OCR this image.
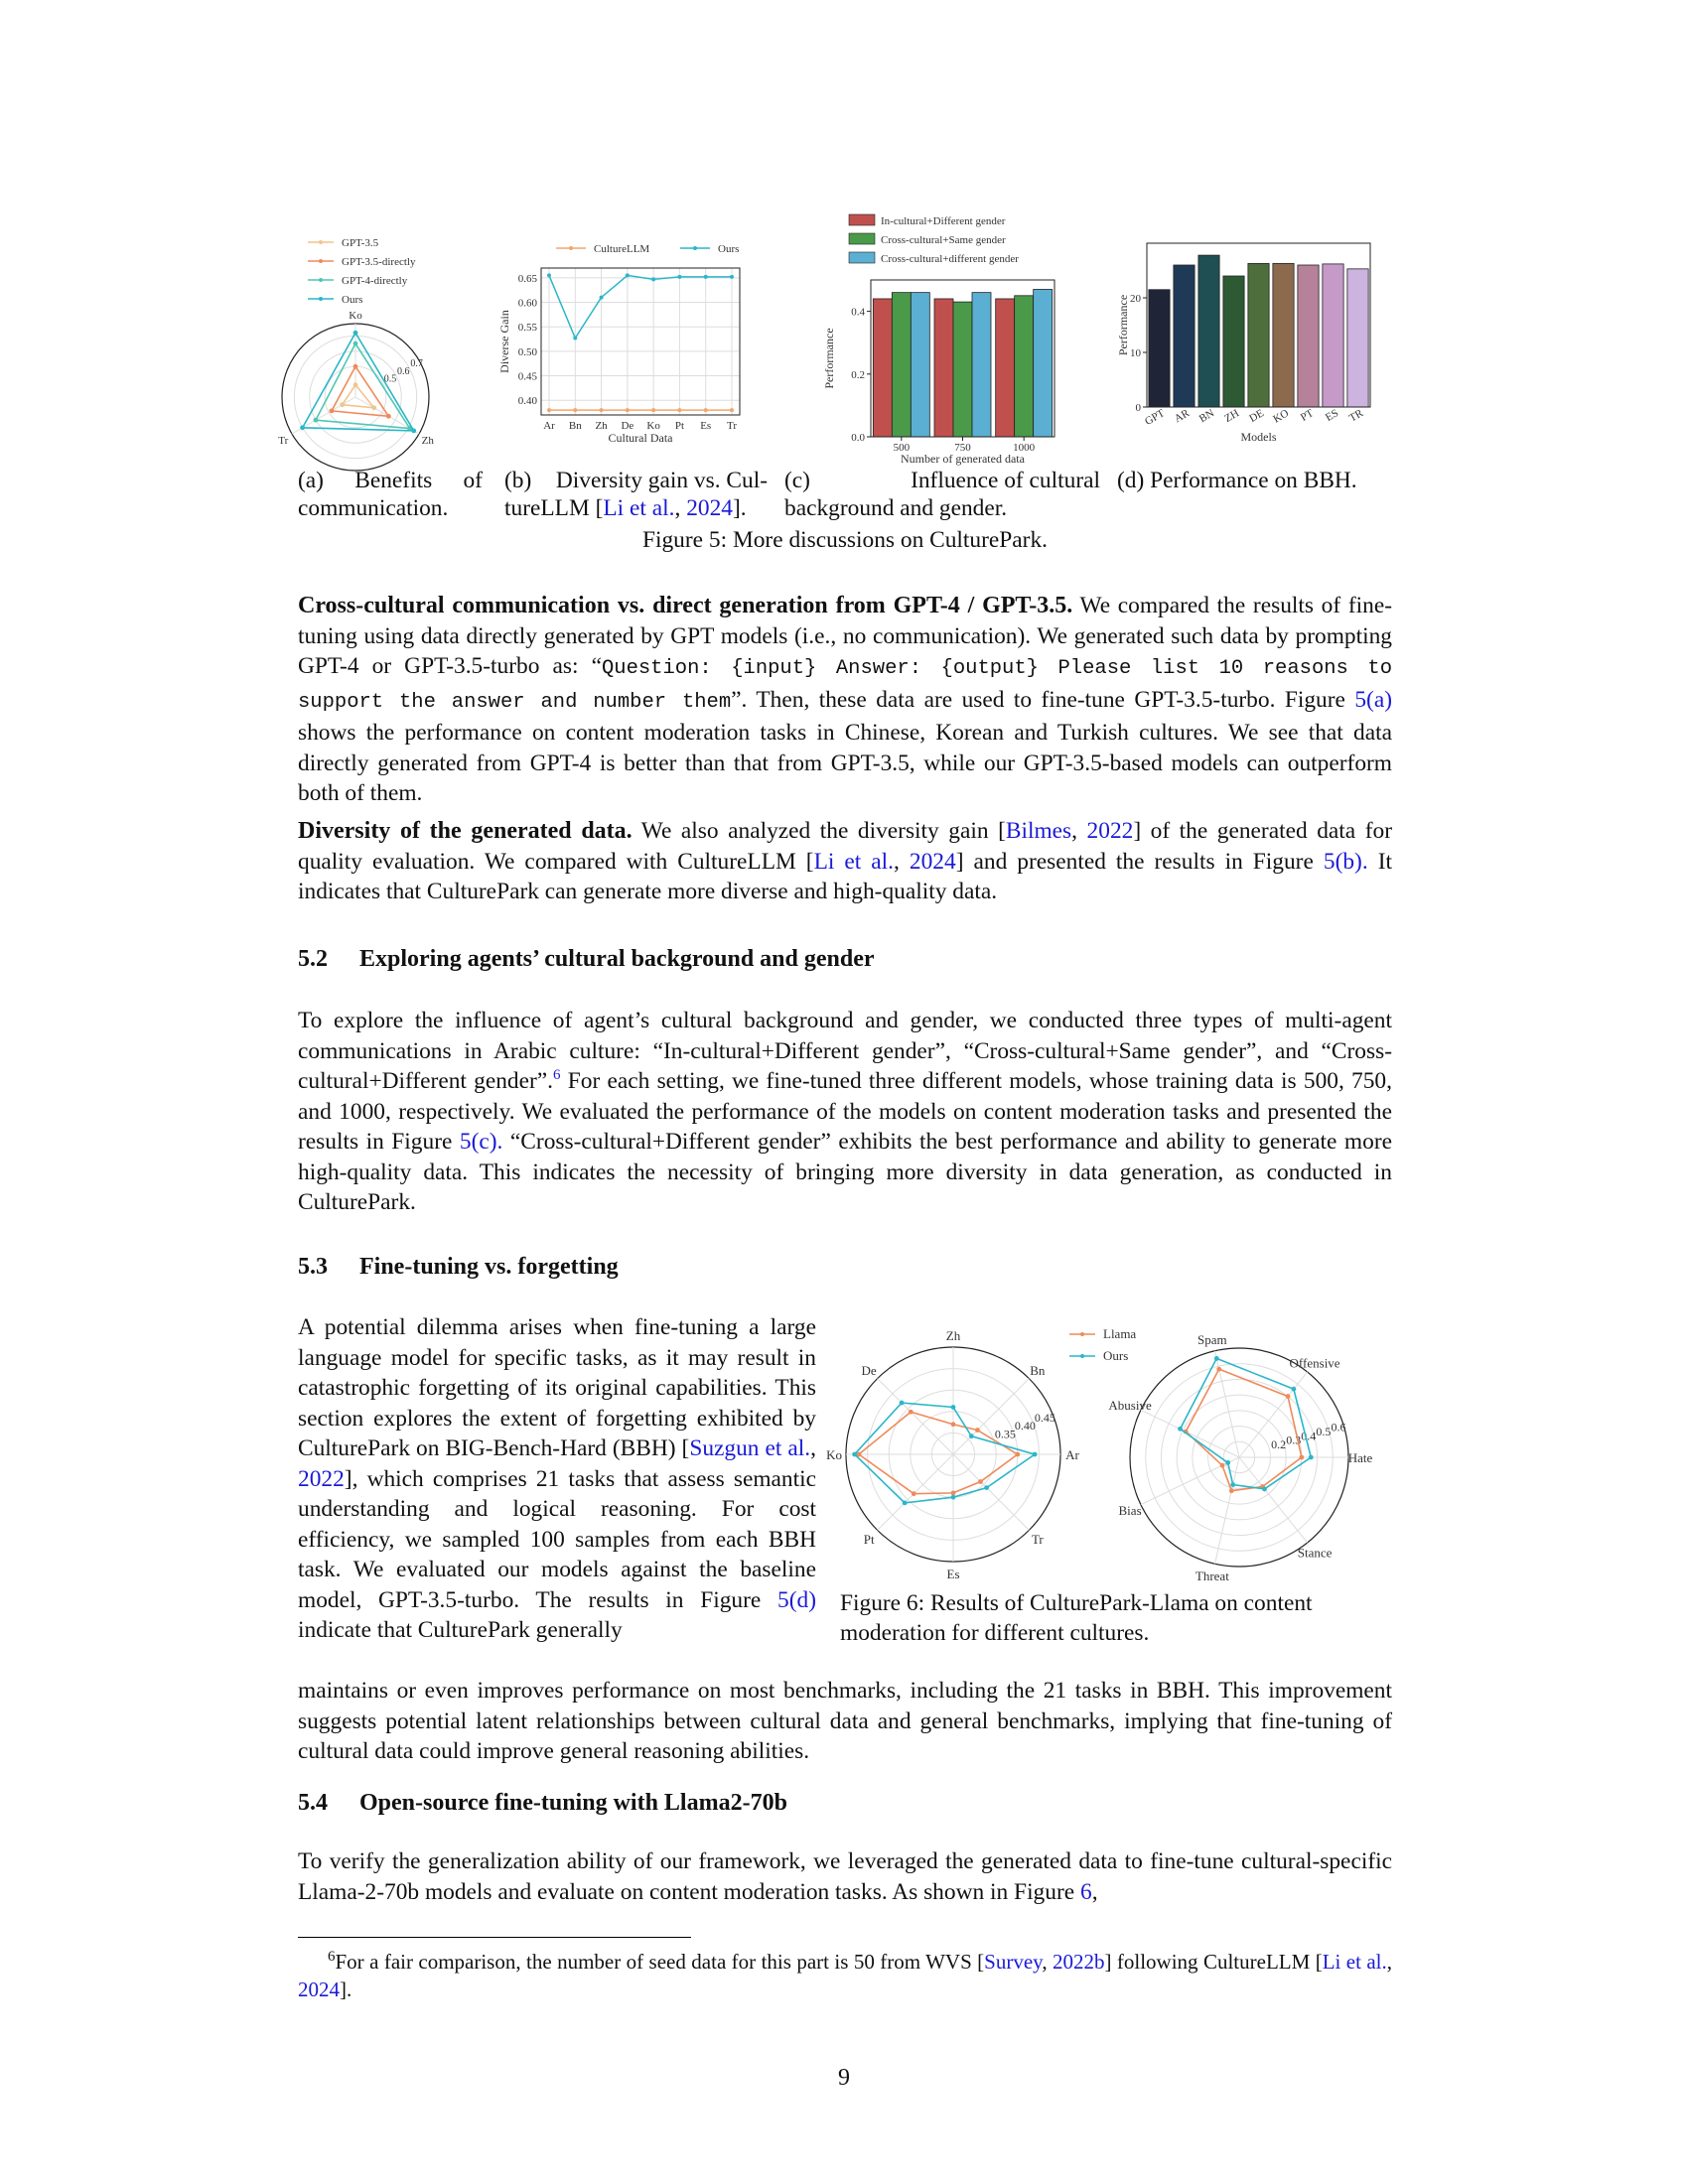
Ko
Zh
Tr
0.5
0.6
0.7
GPT-3.5
GPT-3.5-directly
GPT-4-directly
Ours
Ar Bn Zh De Ko Pt Es Tr
0.40
0.45
0.50
0.55
0.60
0.65
Cultural Data
Diverse Gain
CultureLLM	Ours
500	750	1000
0.0
0.2
0.4
Number of generated data
Performance
In-cultural+Different gender
Cross-cultural+Same gender
Cross-cultural+different gender
GPT AR BN ZH DE KO PT ES TR
0
10
20
Models
Performance
(a) Benefits of
communication.
(b) Diversity gain vs. Cul-
tureLLM [Li et al., 2024].
(c)	Influence of cultural
background and gender.
(d) Performance on BBH.
Figure 5: More discussions on CulturePark.

Cross-cultural communication vs. direct generation from GPT-4 / GPT-3.5. We compared the results of fine-tuning using data directly generated by GPT models (i.e., no communication). We generated such data by prompting GPT-4 or GPT-3.5-turbo as: “Question: {input} Answer: {output} Please list 10 reasons to support the answer and number them”. Then, these data are used to fine-tune GPT-3.5-turbo. Figure 5(a) shows the performance on content moderation tasks in Chinese, Korean and Turkish cultures. We see that data directly generated from GPT-4 is better than that from GPT-3.5, while our GPT-3.5-based models can outperform both of them.

Diversity of the generated data. We also analyzed the diversity gain [Bilmes, 2022] of the generated data for quality evaluation. We compared with CultureLLM [Li et al., 2024] and presented the results in Figure 5(b). It indicates that CulturePark can generate more diverse and high-quality data.

5.2 Exploring agents’ cultural background and gender

To explore the influence of agent’s cultural background and gender, we conducted three types of multi-agent communications in Arabic culture: “In-cultural+Different gender”, “Cross-cultural+Same gender”, and “Cross-cultural+Different gender”.$^6$ For each setting, we fine-tuned three different models, whose training data is 500, 750, and 1000, respectively. We evaluated the performance of the models on content moderation tasks and presented the results in Figure 5(c). “Cross-cultural+Different gender” exhibits the best performance and ability to generate more high-quality data. This indicates the necessity of bringing more diversity in data generation, as conducted in CulturePark.

5.3 Fine-tuning vs. forgetting

A potential dilemma arises when fine-tuning a large language model for specific tasks, as it may result in catastrophic forgetting of its original capabilities. This section explores the extent of forgetting exhibited by CulturePark on BIG-Bench-Hard (BBH) [Suzgun et al., 2022], which comprises 21 tasks that assess semantic understanding and logical reasoning. For cost efficiency, we sampled 100 samples from each BBH task. We evaluated our models against the baseline model, GPT-3.5-turbo. The results in Figure 5(d) indicate that CulturePark generally

maintains or even improves performance on most benchmarks, including the 21 tasks in BBH. This improvement suggests potential latent relationships between cultural data and general benchmarks, implying that fine-tuning of cultural data could improve general reasoning abilities.

Ar
Bn
Zh
De
Ko
Pt
Es
Tr
0.35
0.40
0.45
Llama
Ours
Hate
Offensive
Spam
Abusive
Bias
Threat
Stance
0.2 0.3 0.4 0.5 0.6
Figure 6: Results of CulturePark-Llama on content moderation for different cultures.
5.4 Open-source fine-tuning with Llama2-70b

To verify the generalization ability of our framework, we leveraged the generated data to fine-tune cultural-specific Llama-2-70b models and evaluate on content moderation tasks. As shown in Figure 6,

$^6$For a fair comparison, the number of seed data for this part is 50 from WVS [Survey, 2022b] following CultureLLM [Li et al., 2024].

9
